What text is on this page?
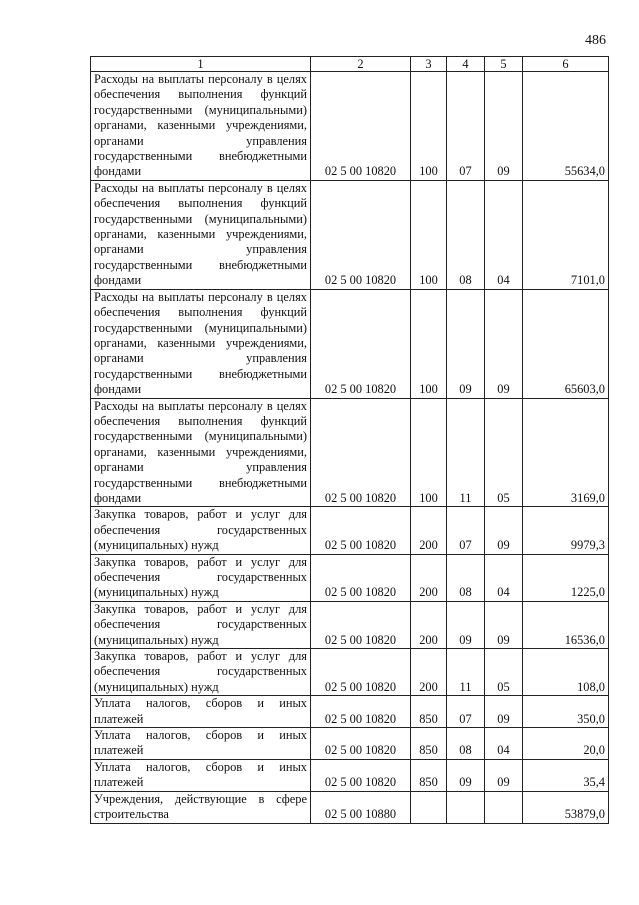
486
1	2	3	4	5	6
Расходы на выплаты персоналу в целях обеспечения выполнения функций государственными (муниципальными) органами, казенными учреждениями, органами управления государственными внебюджетными фондами	02 5 00 10820	100	07	09	55634,0
Расходы на выплаты персоналу в целях обеспечения выполнения функций государственными (муниципальными) органами, казенными учреждениями, органами управления государственными внебюджетными фондами	02 5 00 10820	100	08	04	7101,0
Расходы на выплаты персоналу в целях обеспечения выполнения функций государственными (муниципальными) органами, казенными учреждениями, органами управления государственными внебюджетными фондами	02 5 00 10820	100	09	09	65603,0
Расходы на выплаты персоналу в целях обеспечения выполнения функций государственными (муниципальными) органами, казенными учреждениями, органами управления государственными внебюджетными фондами	02 5 00 10820	100	11	05	3169,0
Закупка товаров, работ и услуг для обеспечения государственных (муниципальных) нужд	02 5 00 10820	200	07	09	9979,3
Закупка товаров, работ и услуг для обеспечения государственных (муниципальных) нужд	02 5 00 10820	200	08	04	1225,0
Закупка товаров, работ и услуг для обеспечения государственных (муниципальных) нужд	02 5 00 10820	200	09	09	16536,0
Закупка товаров, работ и услуг для обеспечения государственных (муниципальных) нужд	02 5 00 10820	200	11	05	108,0
Уплата налогов, сборов и иных платежей	02 5 00 10820	850	07	09	350,0
Уплата налогов, сборов и иных платежей	02 5 00 10820	850	08	04	20,0
Уплата налогов, сборов и иных платежей	02 5 00 10820	850	09	09	35,4
Учреждения, действующие в сфере строительства	02 5 00 10880				53879,0
